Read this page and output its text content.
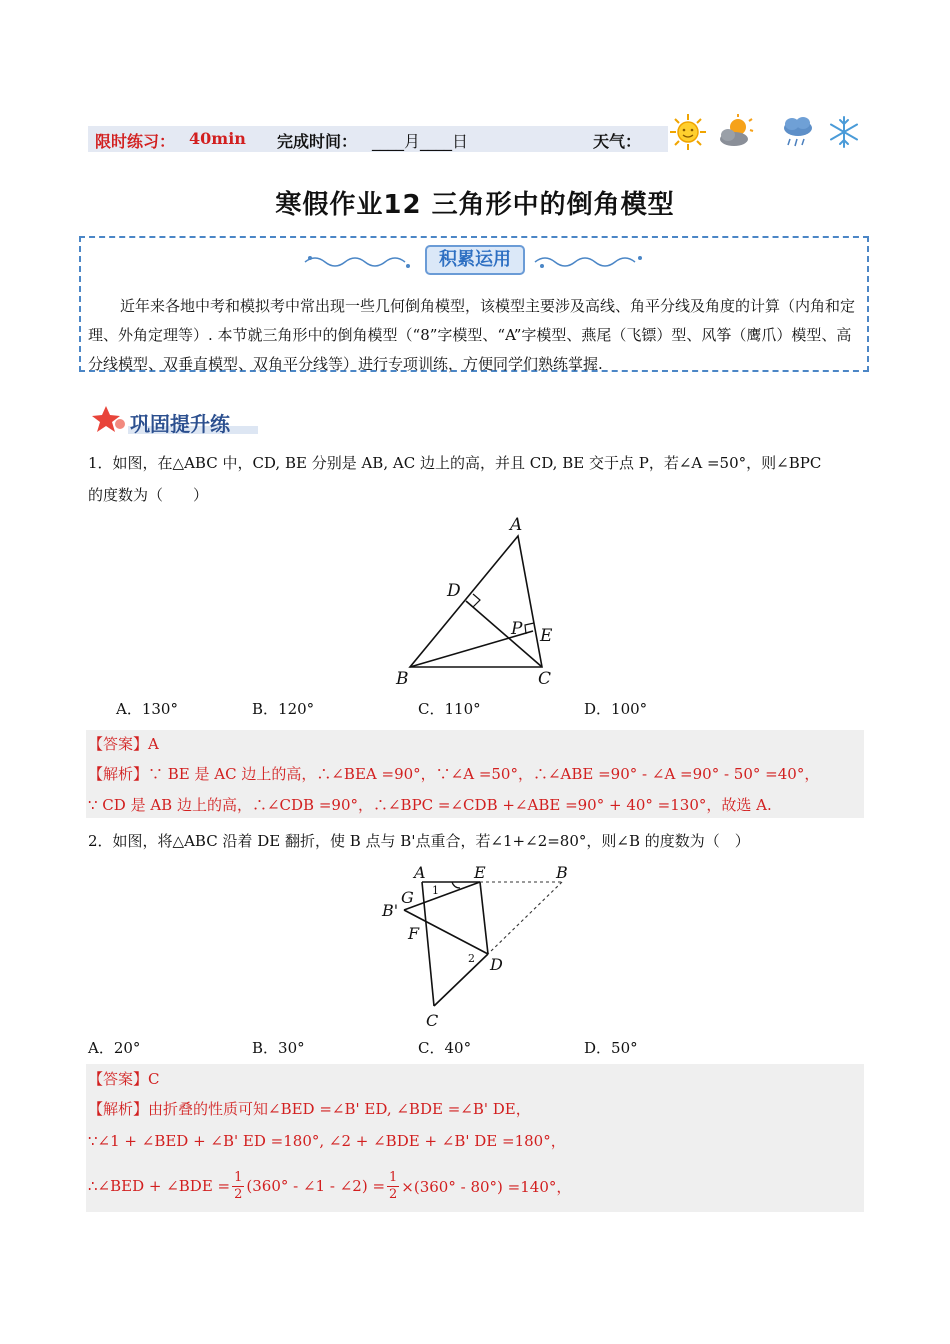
限时练习： 40min 完成时间： ____月____日	天气：
寒假作业12 三角形中的倒角模型
积累运用
近年来各地中考和模拟考中常出现一些几何倒角模型，该模型主要涉及高线、角平分线及角度的计算（内角和定理、外角定理等）. 本节就三角形中的倒角模型（“8”字模型、“A”字模型、燕尾（飞镖）型、风筝（鹰爪）模型、高分线模型、双垂直模型、双角平分线等）进行专项训练，方便同学们熟练掌握.
巩固提升练
1．如图，在△ABC 中，CD, BE 分别是 AB, AC 边上的高，并且 CD, BE 交于点 P，若∠A =50°，则∠BPC
的度数为（　　）
A
B	C
D
E
P
A．130°	B．120°	C．110°	D．100°
【答案】A
【解析】∵ BE 是 AC 边上的高，∴∠BEA =90°，∵∠A =50°，∴∠ABE =90° - ∠A =90° - 50° =40°，
∵ CD 是 AB 边上的高，∴∠CDB =90°，∴∠BPC =∠CDB +∠ABE =90° + 40° =130°，故选 A.
2．如图，将△ABC 沿着 DE 翻折，使 B 点与 B'点重合，若∠1+∠2=80°，则∠B 的度数为（　）
A	E	B
G
B'
F
D
C
1
2
A．20°	B．30°	C．40°	D．50°
【答案】C
【解析】由折叠的性质可知∠BED =∠B' ED, ∠BDE =∠B' DE，
∵∠1 + ∠BED + ∠B' ED =180°, ∠2 + ∠BDE + ∠B' DE =180°，
∴∠BED + ∠BDE = $\frac{1}{2} (360^\circ$ - ∠1 - ∠2) = $\frac{1}{2} \times(360^\circ - 80^\circ) =140^\circ$，
